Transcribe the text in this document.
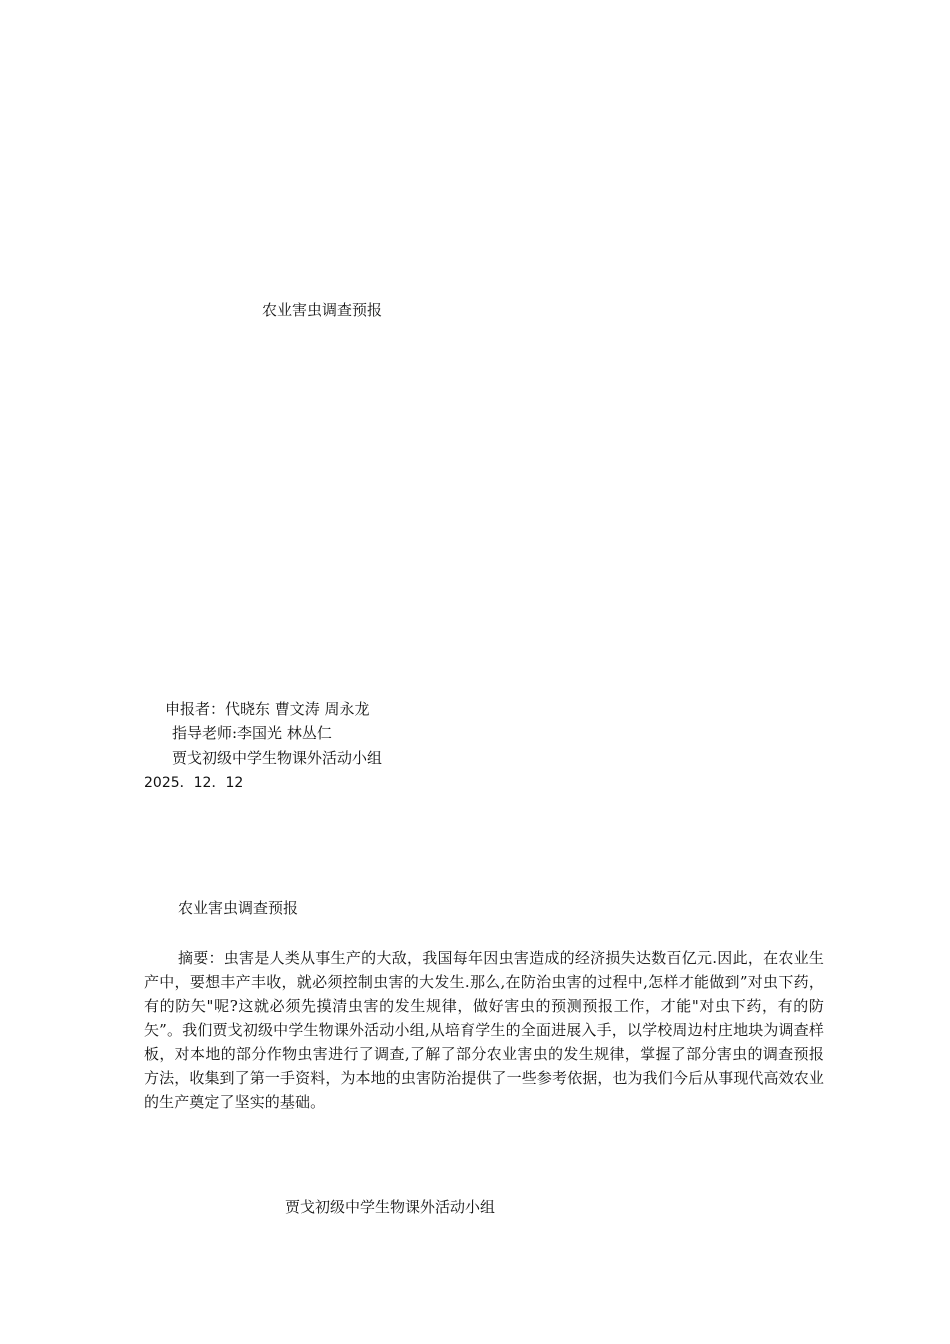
农业害虫调查预报
申报者：代晓东 曹文涛 周永龙
指导老师:李国光 林丛仁
贾戈初级中学生物课外活动小组
2025．12．12
农业害虫调查预报
摘要：虫害是人类从事生产的大敌，我国每年因虫害造成的经济损失达数百亿元.因此，在农业生产中，要想丰产丰收，就必须控制虫害的大发生.那么,在防治虫害的过程中,怎样才能做到”对虫下药，有的防矢"呢?这就必须先摸清虫害的发生规律，做好害虫的预测预报工作，才能"对虫下药，有的防矢”。我们贾戈初级中学生物课外活动小组,从培育学生的全面进展入手，以学校周边村庄地块为调查样板，对本地的部分作物虫害进行了调查,了解了部分农业害虫的发生规律，掌握了部分害虫的调查预报方法，收集到了第一手资料，为本地的虫害防治提供了一些参考依据，也为我们今后从事现代高效农业的生产奠定了坚实的基础。
贾戈初级中学生物课外活动小组
